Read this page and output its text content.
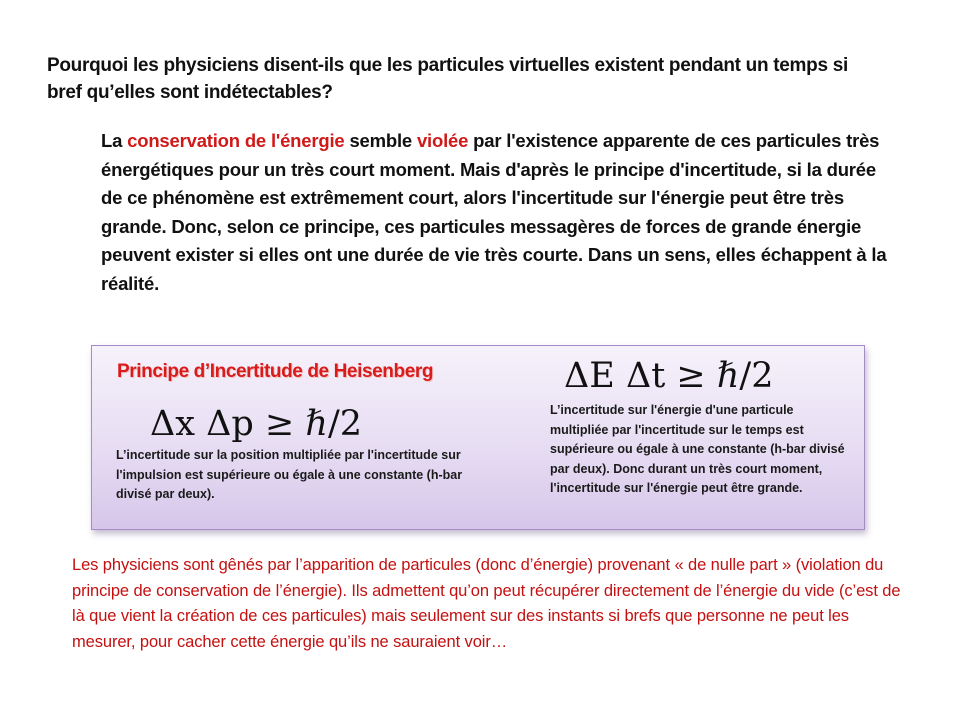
Pourquoi les physiciens disent-ils que les particules virtuelles existent pendant un temps si bref qu’elles sont indétectables?
La conservation de l'énergie semble violée par l'existence apparente de ces particules très énergétiques pour un très court moment. Mais d'après le principe d'incertitude, si la durée de ce phénomène est extrêmement court, alors l'incertitude sur l'énergie peut être très grande. Donc, selon ce principe, ces particules messagères de forces de grande énergie peuvent exister si elles ont une durée de vie très courte. Dans un sens, elles échappent à la réalité.
Principe d’Incertitude de Heisenberg
Δx Δp ≥ ℏ/2
L’incertitude sur la position multipliée par l'incertitude sur l'impulsion est supérieure ou égale à une constante (h-bar divisé par deux).
ΔE Δt ≥ ℏ/2
L’incertitude sur l'énergie d'une particule multipliée par l'incertitude sur le temps est supérieure ou égale à une constante (h-bar divisé par deux). Donc durant un très court moment, l'incertitude sur l'énergie peut être grande.
Les physiciens sont gênés par l’apparition de particules (donc d’énergie) provenant « de nulle part » (violation du principe de conservation de l’énergie). Ils admettent qu’on peut récupérer directement de l’énergie du vide (c’est de là que vient la création de ces particules) mais seulement sur des instants si brefs que personne ne peut les mesurer, pour cacher cette énergie qu’ils ne sauraient voir…
